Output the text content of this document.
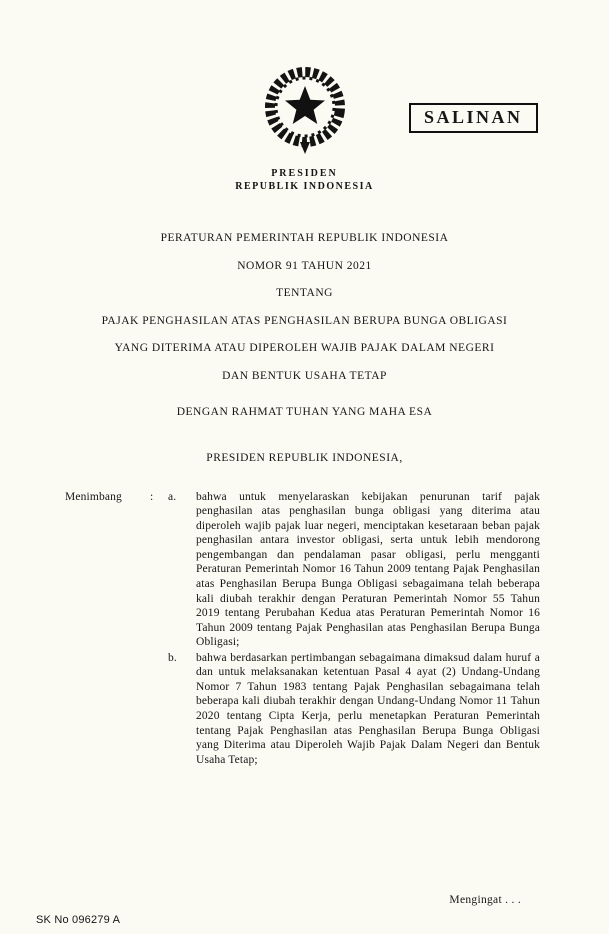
SALINAN
PRESIDEN
REPUBLIK INDONESIA
PERATURAN PEMERINTAH REPUBLIK INDONESIA
NOMOR 91 TAHUN 2021
TENTANG
PAJAK PENGHASILAN ATAS PENGHASILAN BERUPA BUNGA OBLIGASI
YANG DITERIMA ATAU DIPEROLEH WAJIB PAJAK DALAM NEGERI
DAN BENTUK USAHA TETAP
DENGAN RAHMAT TUHAN YANG MAHA ESA
PRESIDEN REPUBLIK INDONESIA,
Menimbang	:	a.	bahwa untuk menyelaraskan kebijakan penurunan tarif pajak penghasilan atas penghasilan bunga obligasi yang diterima atau diperoleh wajib pajak luar negeri, menciptakan kesetaraan beban pajak penghasilan antara investor obligasi, serta untuk lebih mendorong pengembangan dan pendalaman pasar obligasi, perlu mengganti Peraturan Pemerintah Nomor 16 Tahun 2009 tentang Pajak Penghasilan atas Penghasilan Berupa Bunga Obligasi sebagaimana telah beberapa kali diubah terakhir dengan Peraturan Pemerintah Nomor 55 Tahun 2019 tentang Perubahan Kedua atas Peraturan Pemerintah Nomor 16 Tahun 2009 tentang Pajak Penghasilan atas Penghasilan Berupa Bunga Obligasi;
b.	bahwa berdasarkan pertimbangan sebagaimana dimaksud dalam huruf a dan untuk melaksanakan ketentuan Pasal 4 ayat (2) Undang-Undang Nomor 7 Tahun 1983 tentang Pajak Penghasilan sebagaimana telah beberapa kali diubah terakhir dengan Undang-Undang Nomor 11 Tahun 2020 tentang Cipta Kerja, perlu menetapkan Peraturan Pemerintah tentang Pajak Penghasilan atas Penghasilan Berupa Bunga Obligasi yang Diterima atau Diperoleh Wajib Pajak Dalam Negeri dan Bentuk Usaha Tetap;
Mengingat . . .
SK No 096279 A
